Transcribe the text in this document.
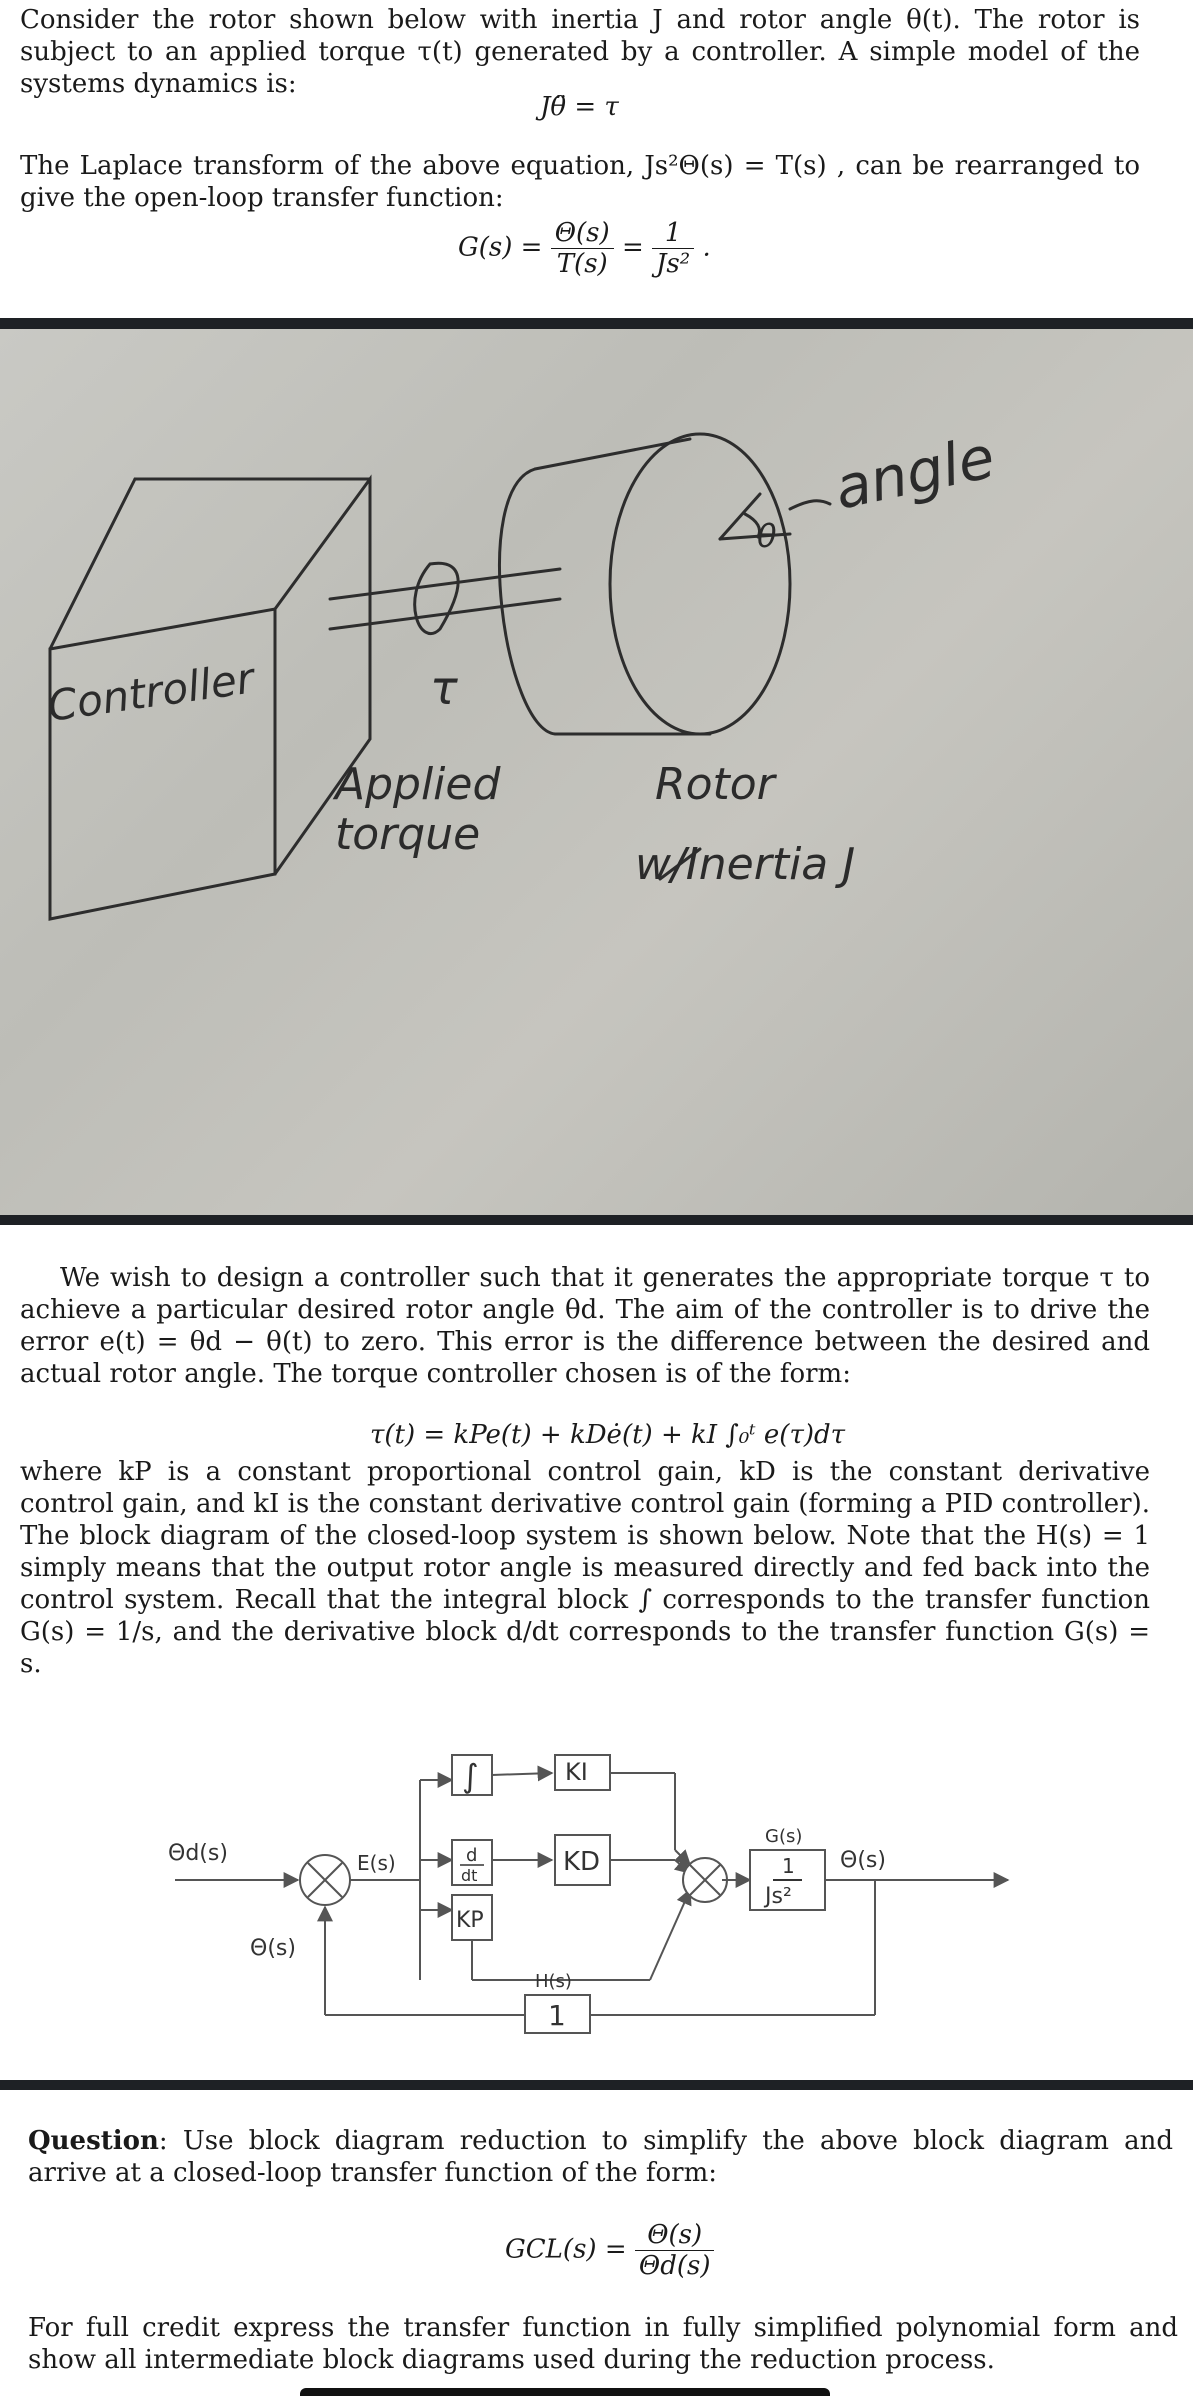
Consider the rotor shown below with inertia J and rotor angle θ(t). The rotor is subject to an applied torque τ(t) generated by a controller. A simple model of the systems dynamics is:
Jθ̈ = τ
The Laplace transform of the above equation, Js²Θ(s) = T(s) , can be rearranged to give the open-loop transfer function:
$G(s) = \frac{\Theta(s)}{T(s)} = \frac{1}{\text{Js²}}$ .
Controller	τ
Applied
torque
θ
angle
Rotor
w/Inertia J
We wish to design a controller such that it generates the appropriate torque τ to achieve a particular desired rotor angle θd. The aim of the controller is to drive the error e(t) = θd − θ(t) to zero. This error is the difference between the desired and actual rotor angle. The torque controller chosen is of the form:
τ(t) = kPe(t) + kDė(t) + kI ∫₀ᵗ e(τ)dτ
where kP is a constant proportional control gain, kD is the constant derivative control gain, and kI is the constant derivative control gain (forming a PID controller). The block diagram of the closed-loop system is shown below. Note that the H(s) = 1 simply means that the output rotor angle is measured directly and fed back into the control system. Recall that the integral block ∫ corresponds to the transfer function G(s) = 1/s, and the derivative block d/dt corresponds to the transfer function G(s) = s.
Θd(s)
Θ(s)
E(s)
∫	KI
d
dt	KD
KP
G(s)
1
Js²
Θ(s)
H(s)
1
Question: Use block diagram reduction to simplify the above block diagram and arrive at a closed-loop transfer function of the form:
$GCL(s) = \frac{\Theta(s)}{\Theta d(s)}$
For full credit express the transfer function in fully simplified polynomial form and show all intermediate block diagrams used during the reduction process.
